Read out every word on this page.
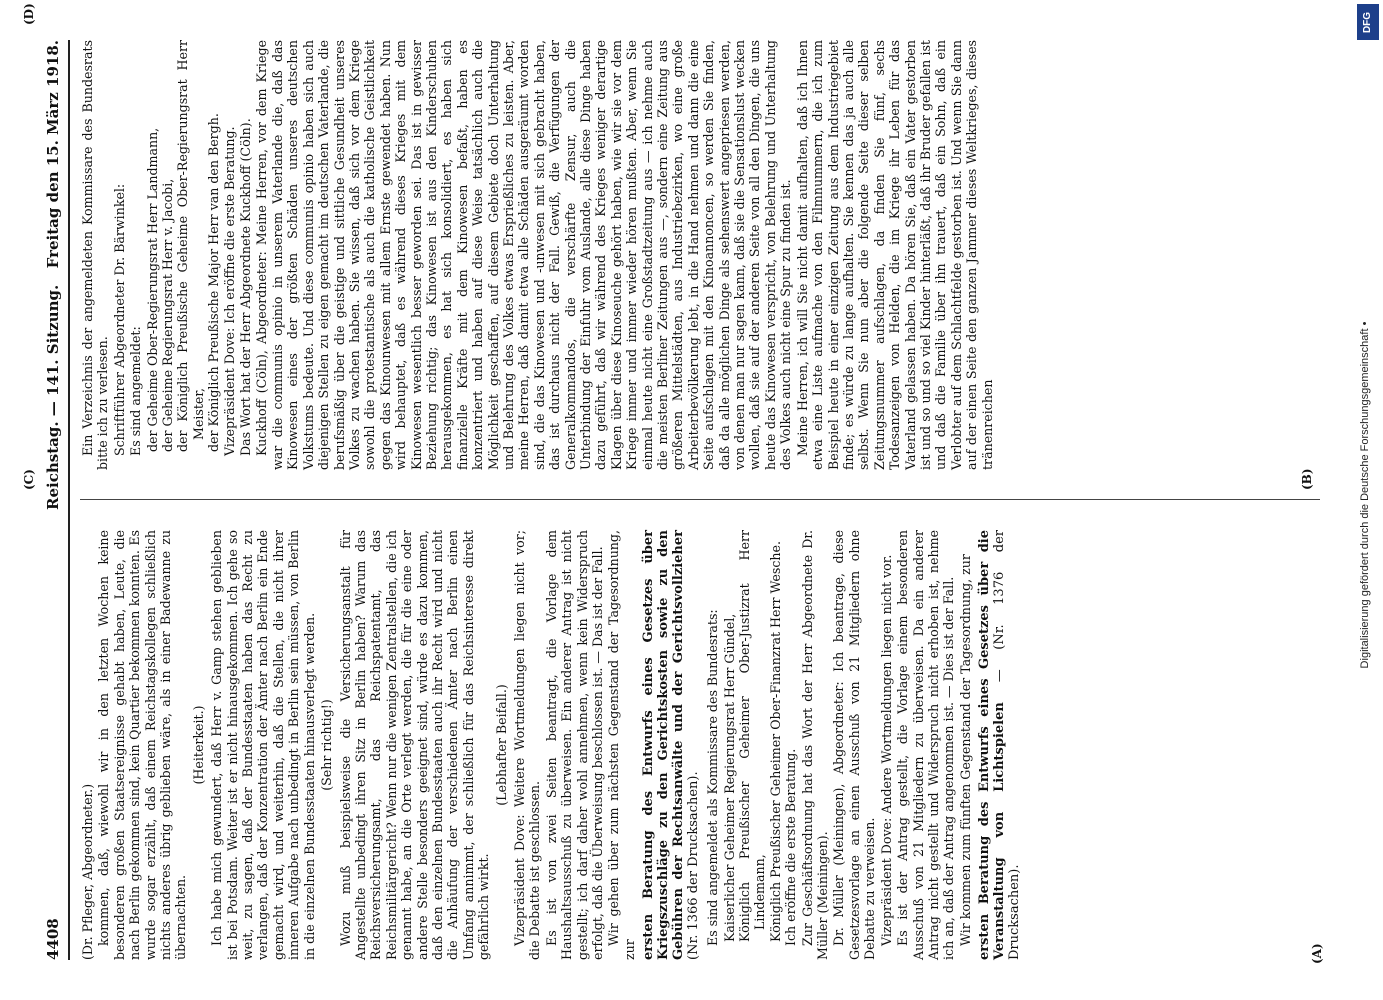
4408
Reichstag. — 141. Sitzung.
Freitag den 15. März 1918.
(A)
(B)
(C)
(D)

(Dr. Pfleger, Abgeordneter.) kommen, daß, wiewohl wir in den letzten Wochen keine besonderen großen Staatsereignisse gehabt haben, Leute, die nach Berlin gekommen sind, kein Quartier bekommen konnten. Es wurde sogar erzählt, daß einem Reichstagskollegen schließlich nichts anderes übrig geblieben wäre, als in einer Badewanne zu übernachten.

(Heiterkeit.) Ich habe mich gewundert, daß Herr v. Gamp stehen geblieben ist bei Potsdam. Weiter ist er nicht hinausgekommen. Ich gehe so weit, zu sagen, daß der Bundesstaaten haben das Recht zu verlangen, daß der Konzentration der Ämter nach Berlin ein Ende gemacht wird, und weiterhin, daß die Stellen, die nicht ihrer inneren Aufgabe nach unbedingt in Berlin sein müssen, von Berlin in die einzelnen Bundesstaaten hinausverlegt werden. (Sehr richtig!) Wozu muß beispielsweise die Versicherungsanstalt für Angestellte unbedingt ihren Sitz in Berlin haben? Warum das Reichsversicherungsamt, das Reichspatentamt, das Reichsmilitärgericht? Wenn nur die wenigen Zentralstellen, die ich genannt habe, an die Orte verlegt werden, die für die eine oder andere Stelle besonders geeignet sind, würde es dazu kommen, daß den einzelnen Bundesstaaten auch ihr Recht wird und nicht die Anhäufung der verschiedenen Ämter nach Berlin einen Umfang annimmt, der schließlich für das Reichsinteresse direkt gefährlich wirkt.

(Lebhafter Beifall.) Vizepräsident Dove: Weitere Wortmeldungen liegen nicht vor; die Debatte ist geschlossen. Es ist von zwei Seiten beantragt, die Vorlage dem Haushaltsausschuß zu überweisen. Ein anderer Antrag ist nicht gestellt; ich darf daher wohl annehmen, wenn kein Widerspruch erfolgt, daß die Überweisung beschlossen ist. — Das ist der Fall. Wir gehen über zum nächsten Gegenstand der Tagesordnung, zur ersten Beratung des Entwurfs eines Gesetzes über Kriegszuschläge zu den Gerichtskosten sowie zu den Gebühren der Rechtsanwälte und der Gerichtsvollzieher (Nr. 1366 der Drucksachen). Es sind angemeldet als Kommissare des Bundesrats: Kaiserlicher Geheimer Regierungsrat Herr Gündel, Königlich Preußischer Geheimer Ober-Justizrat Herr Lindemann, Königlich Preußischer Geheimer Ober-Finanzrat Herr Wesche. Ich eröffne die erste Beratung. Zur Geschäftsordnung hat das Wort der Herr Abgeordnete Dr. Müller (Meiningen). Dr. Müller (Meiningen), Abgeordneter: Ich beantrage, diese Gesetzesvorlage an einen Ausschuß von 21 Mitgliedern ohne Debatte zu verweisen. Vizepräsident Dove: Andere Wortmeldungen liegen nicht vor. Es ist der Antrag gestellt, die Vorlage einem besonderen Ausschuß von 21 Mitgliedern zu überweisen. Da ein anderer Antrag nicht gestellt und Widerspruch nicht erhoben ist, nehme ich an, daß der Antrag angenommen ist. — Dies ist der Fall. Wir kommen zum fünften Gegenstand der Tagesordnung, zur ersten Beratung des Entwurfs eines Gesetzes über die Veranstaltung von Lichtspielen — (Nr. 1376 der Drucksachen).

Ein Verzeichnis der angemeldeten Kommissare des Bundesrats bitte ich zu verlesen. Schriftführer Abgeordneter Dr. Bärwinkel: Es sind angemeldet: der Geheime Ober-Regierungsrat Herr Landmann, der Geheime Regierungsrat Herr v. Jacobi, der Königlich Preußische Geheime Ober-Regierungsrat Herr Meister, der Königlich Preußische Major Herr van den Bergh. Vizepräsident Dove: Ich eröffne die erste Beratung. Das Wort hat der Herr Abgeordnete Kuckhoff (Cöln). Kuckhoff (Cöln), Abgeordneter: Meine Herren, vor dem Kriege war die communis opinio in unserem Vaterlande die, daß das Kinowesen eines der größten Schäden unseres deutschen Volkstums bedeute. Und diese communis opinio haben sich auch diejenigen Stellen zu eigen gemacht im deutschen Vaterlande, die berufsmäßig über die geistige und sittliche Gesundheit unseres Volkes zu wachen haben. Sie wissen, daß sich vor dem Kriege sowohl die protestantische als auch die katholische Geistlichkeit gegen das Kinounwesen mit allem Ernste gewendet haben. Nun wird behauptet, daß es während dieses Krieges mit dem Kinowesen wesentlich besser geworden sei. Das ist in gewisser Beziehung richtig; das Kinowesen ist aus den Kinderschuhen herausgekommen, es hat sich konsolidiert, es haben sich finanzielle Kräfte mit dem Kinowesen befaßt, haben es konzentriert und haben auf diese Weise tatsächlich auch die Möglichkeit geschaffen, auf diesem Gebiete doch Unterhaltung und Belehrung des Volkes etwas Ersprießliches zu leisten. Aber, meine Herren, daß damit etwa alle Schäden ausgeräumt worden sind, die das Kinowesen und -unwesen mit sich gebracht haben, das ist durchaus nicht der Fall. Gewiß, die Verfügungen der Generalkommandos, die verschärfte Zensur, auch die Unterbindung der Einfuhr vom Auslande, alle diese Dinge haben dazu geführt, daß wir während des Krieges weniger derartige Klagen über diese Kinoseuche gehört haben, wie wir sie vor dem Kriege immer und immer wieder hören mußten. Aber, wenn Sie einmal heute nicht eine Großstadtzeitung aus — ich nehme auch die meisten Berliner Zeitungen aus —, sondern eine Zeitung aus größeren Mittelstädten, aus Industriebezirken, wo eine große Arbeiterbevölkerung lebt, in die Hand nehmen und dann die eine Seite aufschlagen mit den Kinoannoncen, so werden Sie finden, daß da alle möglichen Dinge als sehenswert angepriesen werden, von denen man nur sagen kann, daß sie die Sensationslust wecken wollen, daß sie auf der anderen Seite von all den Dingen, die uns heute das Kinowesen verspricht, von Belehrung und Unterhaltung des Volkes auch nicht eine Spur zu finden ist. Meine Herren, ich will Sie nicht damit aufhalten, daß ich Ihnen etwa eine Liste aufmache von den Filmnummern, die ich zum Beispiel heute in einer einzigen Zeitung aus dem Industriegebiet finde; es würde zu lange aufhalten. Sie kennen das ja auch alle selbst. Wenn Sie nun aber die folgende Seite dieser selben Zeitungsnummer aufschlagen, da finden Sie fünf, sechs Todesanzeigen von Helden, die im Kriege ihr Leben für das Vaterland gelassen haben. Da hören Sie, daß ein Vater gestorben ist und so und so viel Kinder hinterläßt, daß ihr Bruder gefallen ist und daß die Familie über ihn trauert, daß ein Sohn, daß ein Verlobter auf dem Schlachtfelde gestorben ist. Und wenn Sie dann auf der einen Seite den ganzen Jammer dieses Weltkrieges, dieses tränenreichen	Digitalisierung gefördert durch die Deutsche Forschungsgemeinschaft •
DFG
